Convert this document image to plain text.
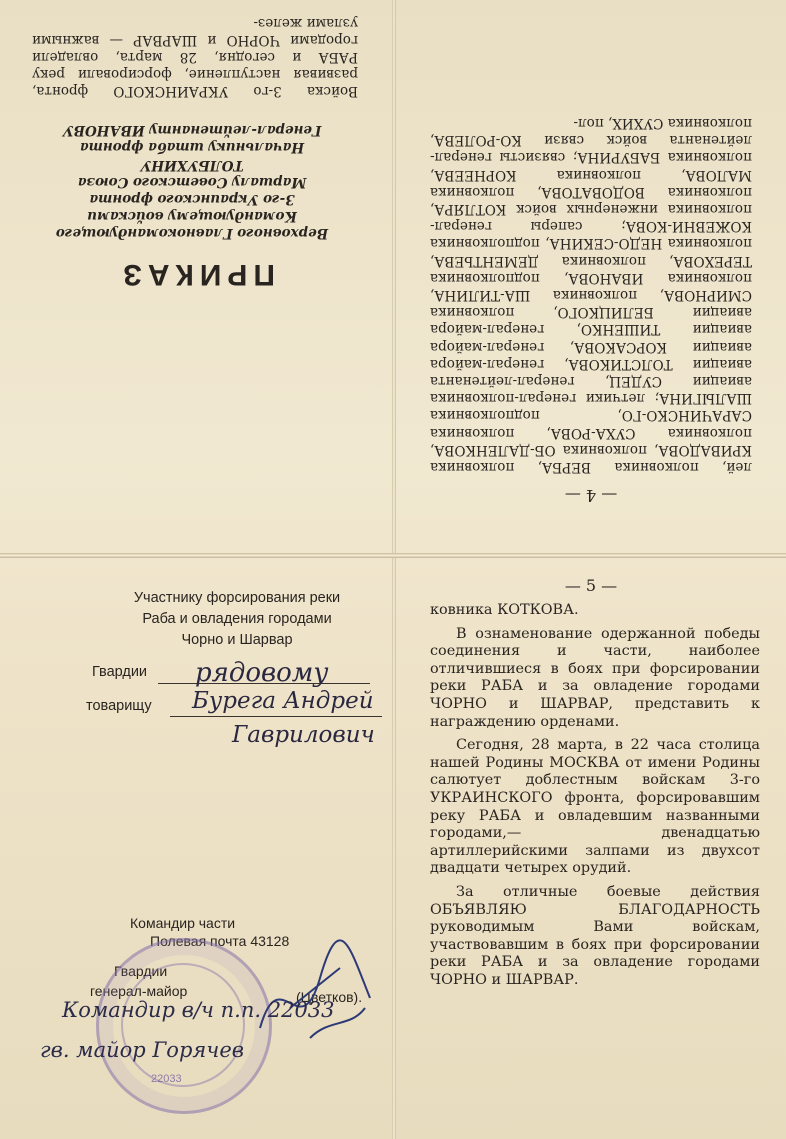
ПРИКАЗ
Верховного Главнокомандующего
Командующему войсками
3-го Украинского фронта
Маршалу Советского Союза
ТОЛБУХИНУ
Начальнику штаба фронта
Генерал-лейтенанту ИВАНОВУ
Войска 3-го УКРАИНСКОГО фронта, развивая наступление, форсировали реку РАБА и сегодня, 28 марта, овладели городами ЧОРНО и ШАРВАР — важными узлами желез-
— 4 —
лей, полковника ВЕРБА, полковника КРИВАДОВА, полковника ОБ-ДАЛЕНКОВА, полковника СУХА-РОВА, полковника САРАЧИНСКО-ГО, подполковника ШАЛЫГИНА; летчики генерал-полковника авиации СУДЕЦ, генерал-лейтенанта авиации ТОЛСТИКОВА, генерал-майора авиации КОРСАКОВА, генерал-майора авиации ТИШЕНКО, генерал-майора авиации БЕЛИЦКОГО, полковника СМИРНОВА, полковника ША-ТИЛИНА, полковника ИВАНОВА, подполковника ТЕРЕХОВА, полковника ДЕМЕНТЬЕВА, полковника НЕДО-СЕКИНА, подполковника КОЖЕВНИ-КОВА; саперы генерал-полковника инженерных войск КОТЛЯРА, полковника ВОДОВАТОВА, полковника МАЛОВА, полковника КОРНЕЕВА, полковника БАБУРИНА; связисты генерал-лейтенанта войск связи КО-РОЛЕВА, полковника СУХИХ, пол-
Участнику форсирования реки
Раба и овладения городами
Чорно и Шарвар
Гвардии рядовому
товарищу Бурега Андрей
Гаврилович
Командир части
Полевая почта 43128
Гвардии
генерал-майор	(Цветков).
22033
Командир в/ч п.п. 22033
гв. майор Горячев
— 5 —

ковника КОТКОВА.

В ознаменование одержанной победы соединения и части, наиболее отличившиеся в боях при форсировании реки РАБА и за овладение городами ЧОРНО и ШАРВАР, представить к награждению орденами.

Сегодня, 28 марта, в 22 часа столица нашей Родины МОСКВА от имени Родины салютует доблестным войскам 3-го УКРАИНСКОГО фронта, форсировавшим реку РАБА и овладевшим названными городами,— двенадцатью артиллерийскими залпами из двухсот двадцати четырех орудий.

За отличные боевые действия ОБЪЯВЛЯЮ БЛАГОДАРНОСТЬ руководимым Вами войскам, участвовавшим в боях при форсировании реки РАБА и за овладение городами ЧОРНО и ШАРВАР.
